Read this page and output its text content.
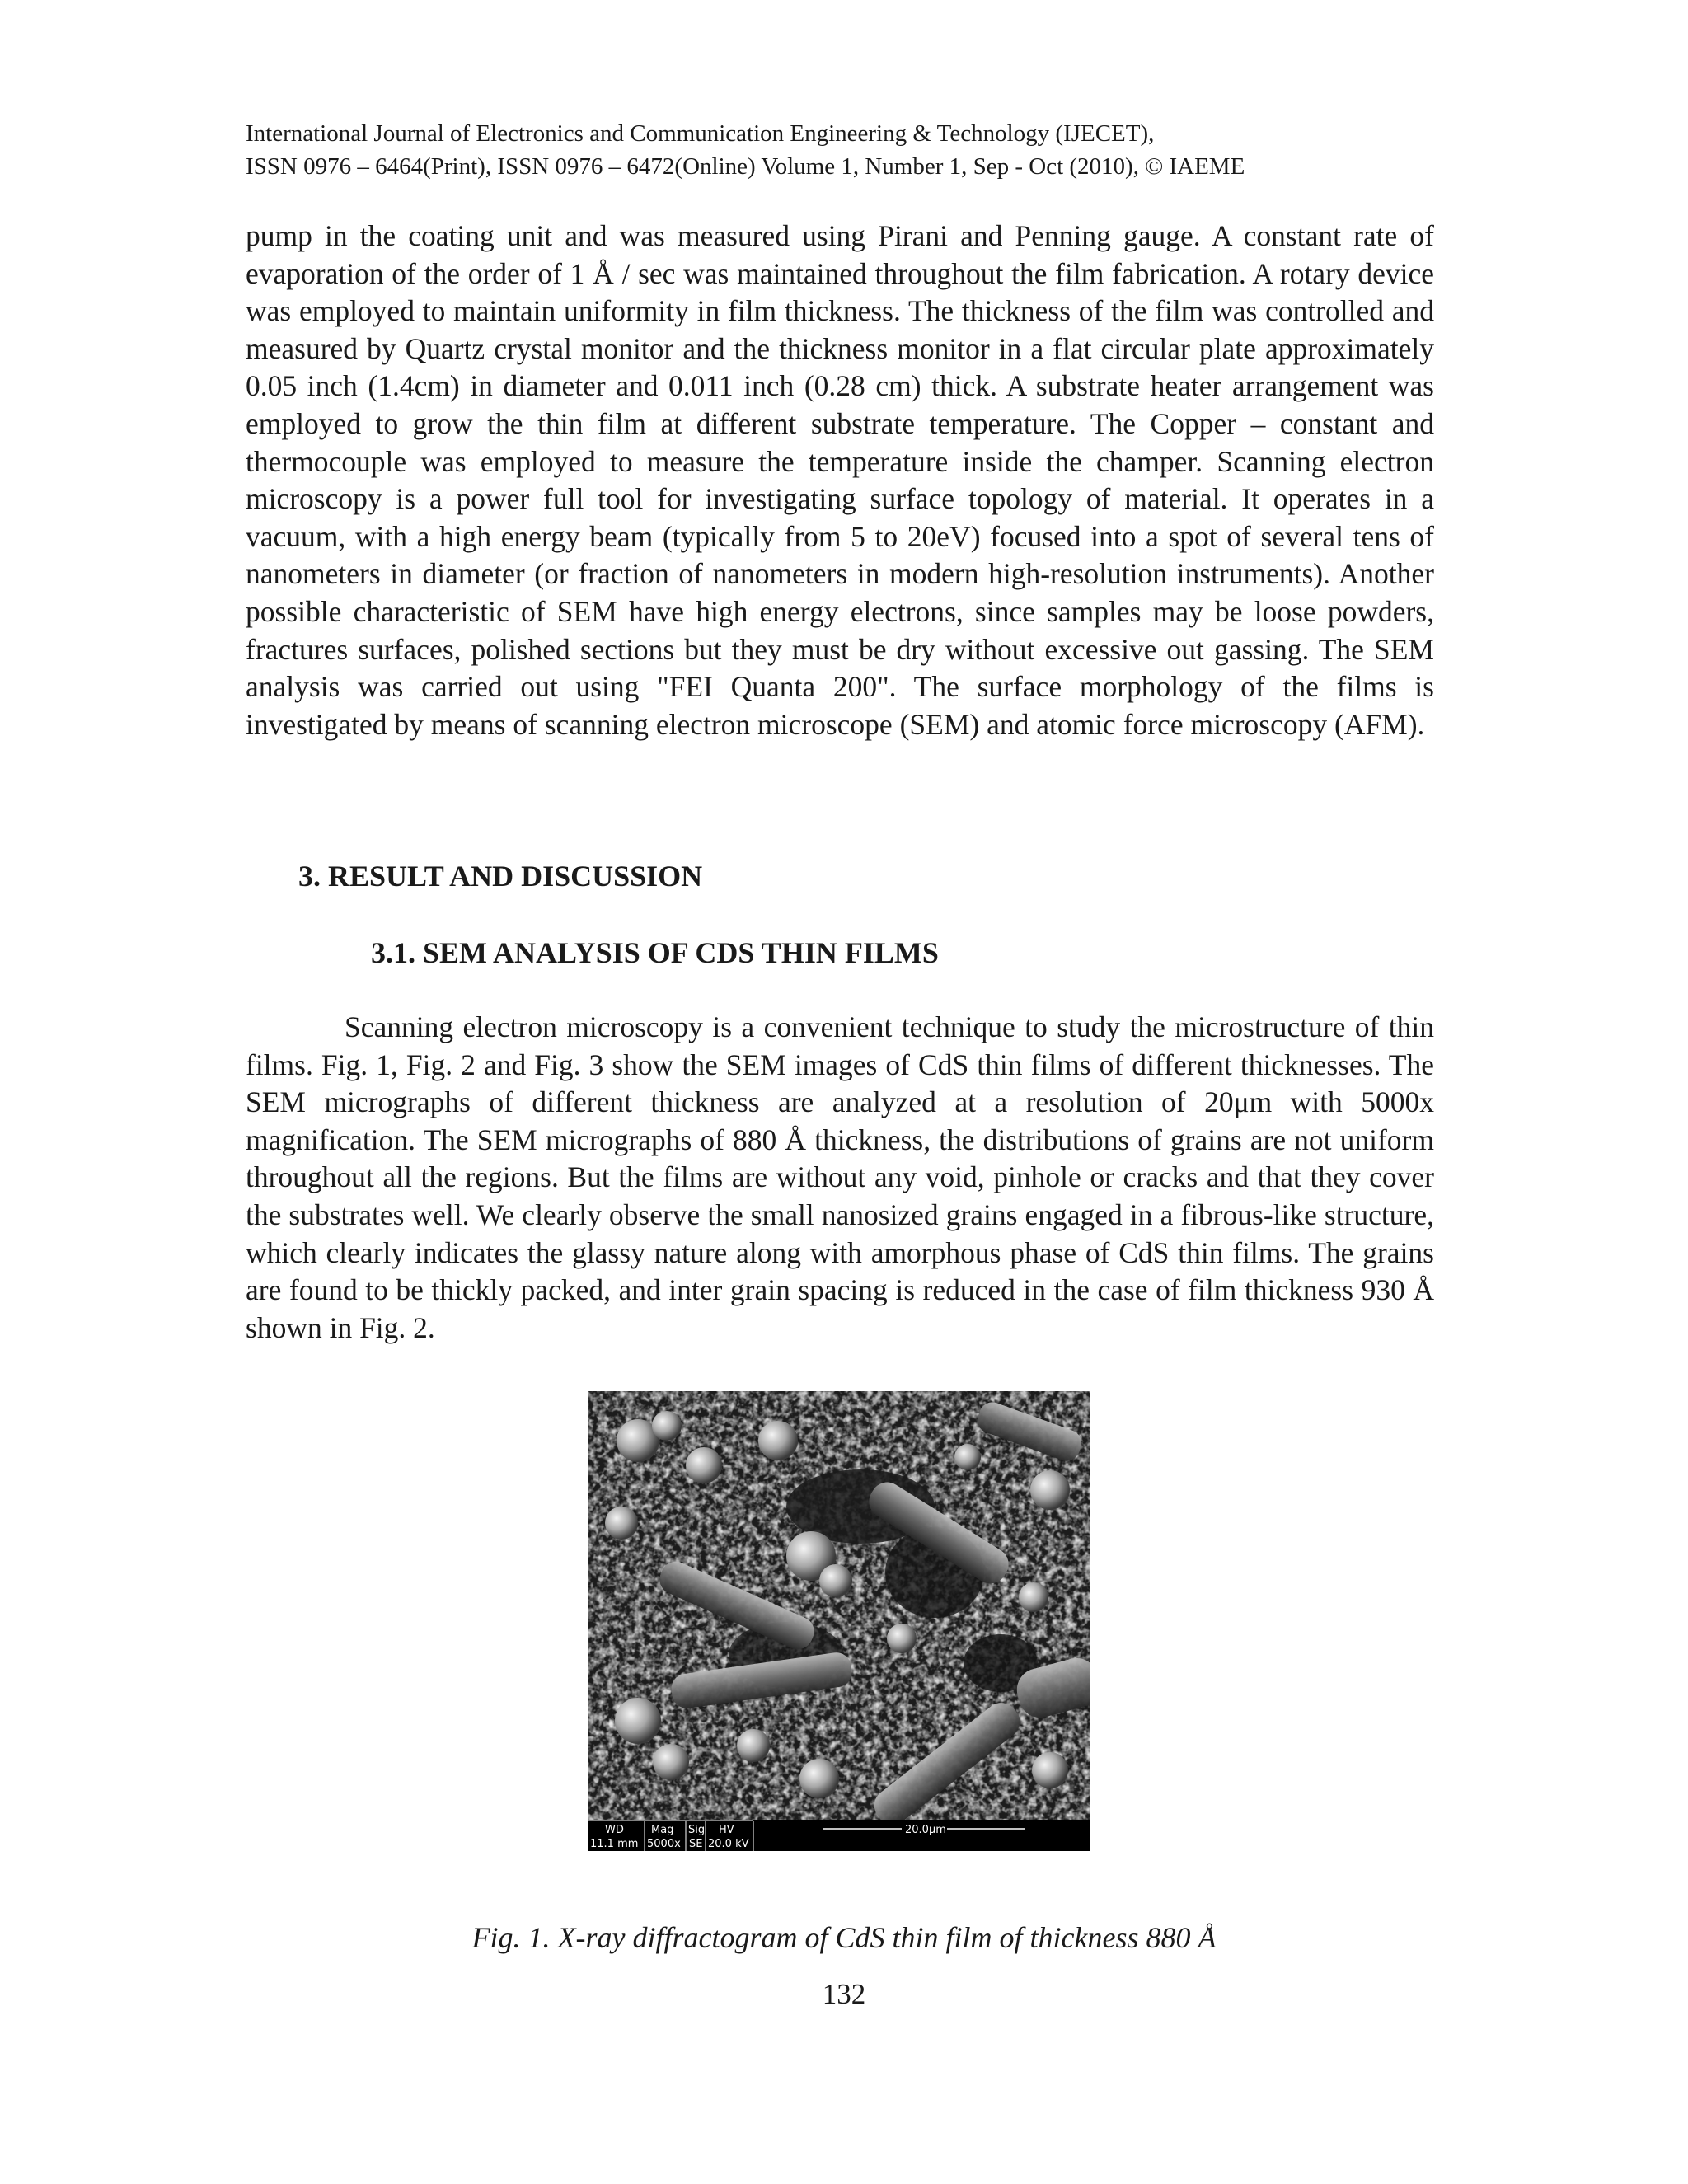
International Journal of Electronics and Communication Engineering & Technology (IJECET),
ISSN 0976 – 6464(Print), ISSN 0976 – 6472(Online) Volume 1, Number 1, Sep - Oct (2010), © IAEME
pump in the coating unit and was measured using Pirani and Penning gauge. A constant rate of evaporation of the order of 1 Å / sec was maintained throughout the film fabrication. A rotary device was employed to maintain uniformity in film thickness. The thickness of the film was controlled and measured by Quartz crystal monitor and the thickness monitor in a flat circular plate approximately 0.05 inch (1.4cm) in diameter and 0.011 inch (0.28 cm) thick. A substrate heater arrangement was employed to grow the thin film at different substrate temperature. The Copper – constant and thermocouple was employed to measure the temperature inside the champer. Scanning electron microscopy is a power full tool for investigating surface topology of material. It operates in a vacuum, with a high energy beam (typically from 5 to 20eV) focused into a spot of several tens of nanometers in diameter (or fraction of nanometers in modern high-resolution instruments). Another possible characteristic of SEM have high energy electrons, since samples may be loose powders, fractures surfaces, polished sections but they must be dry without excessive out gassing. The SEM analysis was carried out using "FEI Quanta 200". The surface morphology of the films is investigated by means of scanning electron microscope (SEM) and atomic force microscopy (AFM).
3. RESULT AND DISCUSSION
3.1. SEM ANALYSIS OF CDS THIN FILMS
Scanning electron microscopy is a convenient technique to study the microstructure of thin films. Fig. 1, Fig. 2 and Fig. 3 show the SEM images of CdS thin films of different thicknesses. The SEM micrographs of different thickness are analyzed at a resolution of 20μm with 5000x magnification. The SEM micrographs of 880 Å thickness, the distributions of grains are not uniform throughout all the regions. But the films are without any void, pinhole or cracks and that they cover the substrates well. We clearly observe the small nanosized grains engaged in a fibrous-like structure, which clearly indicates the glassy nature along with amorphous phase of CdS thin films. The grains are found to be thickly packed, and inter grain spacing is reduced in the case of film thickness 930 Å shown in Fig. 2.
WD
11.1 mm
Mag
5000x
Sig
SE
HV
20.0 kV
20.0μm
Fig. 1. X-ray diffractogram of CdS thin film of thickness 880 Å
132
